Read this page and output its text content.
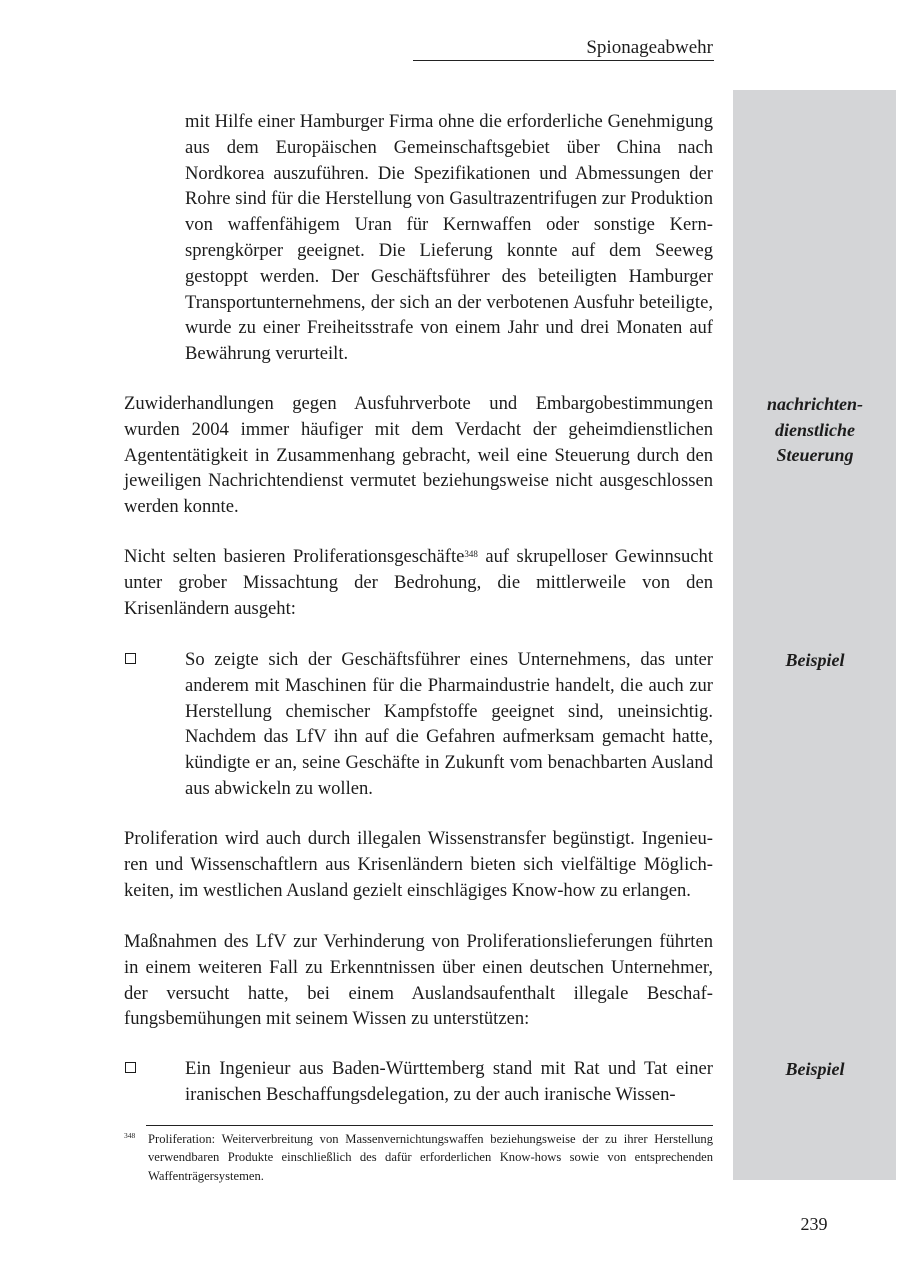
Spionageabwehr

mit Hilfe einer Hamburger Firma ohne die erforderliche Genehmigung aus dem Europäischen Gemeinschaftsgebiet über China nach Nordkorea auszuführen. Die Spezifikationen und Abmessungen der Rohre sind für die Herstellung von Gasultrazentrifugen zur Produktion von waffenfähigem Uran für Kernwaffen oder sonstige Kernsprengkörper geeignet. Die Lieferung konnte auf dem Seeweg gestoppt werden. Der Geschäftsführer des beteiligten Hamburger Transportunternehmens, der sich an der verbotenen Ausfuhr beteiligte, wurde zu einer Freiheitsstrafe von einem Jahr und drei Monaten auf Bewährung verurteilt.

Zuwiderhandlungen gegen Ausfuhrverbote und Embargobestimmungen wurden 2004 immer häufiger mit dem Verdacht der geheimdienstlichen Agententätigkeit in Zusammenhang gebracht, weil eine Steuerung durch den jeweiligen Nachrichtendienst vermutet beziehungsweise nicht ausgeschlossen werden konnte.

nachrichten-
dienstliche
Steuerung

Nicht selten basieren Proliferationsgeschäfte$^{348}$ auf skrupelloser Gewinnsucht unter grober Missachtung der Bedrohung, die mittlerweile von den Krisenländern ausgeht:

So zeigte sich der Geschäftsführer eines Unternehmens, das unter anderem mit Maschinen für die Pharmaindustrie handelt, die auch zur Herstellung chemischer Kampfstoffe geeignet sind, uneinsichtig. Nachdem das LfV ihn auf die Gefahren aufmerksam gemacht hatte, kündigte er an, seine Geschäfte in Zukunft vom benachbarten Ausland aus abwickeln zu wollen.

Beispiel

Proliferation wird auch durch illegalen Wissenstransfer begünstigt. Ingenieuren und Wissenschaftlern aus Krisenländern bieten sich vielfältige Möglichkeiten, im westlichen Ausland gezielt einschlägiges Know-how zu erlangen.

Maßnahmen des LfV zur Verhinderung von Proliferationslieferungen führten in einem weiteren Fall zu Erkenntnissen über einen deutschen Unternehmer, der versucht hatte, bei einem Auslandsaufenthalt illegale Beschaffungsbemühungen mit seinem Wissen zu unterstützen:

Ein Ingenieur aus Baden-Württemberg stand mit Rat und Tat einer iranischen Beschaffungsdelegation, zu der auch iranische Wissen-

Beispiel
348 Proliferation: Weiterverbreitung von Massenvernichtungswaffen beziehungsweise der zu ihrer Herstellung verwendbaren Produkte einschließlich des dafür erforderlichen Know-hows sowie von entsprechenden Waffenträgersystemen.

239
